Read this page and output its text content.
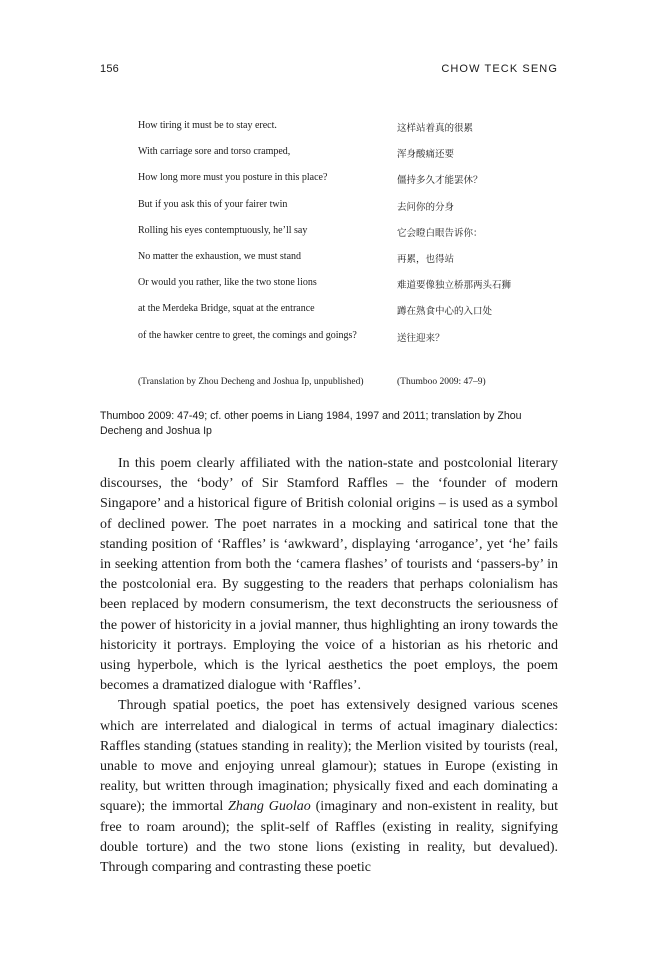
156	CHOW TECK SENG
How tiring it must be to stay erect.	这样站着真的很累
With carriage sore and torso cramped,	浑身酸痛还要
How long more must you posture in this place?	僵持多久才能罢休？
But if you ask this of your fairer twin	去问你的分身
Rolling his eyes contemptuously, he’ll say	它会瞪白眼告诉你：
No matter the exhaustion, we must stand	再累，也得站
Or would you rather, like the two stone lions	难道要像独立桥那两头石狮
at the Merdeka Bridge, squat at the entrance	蹲在熟食中心的入口处
of the hawker centre to greet, the comings and goings?	送往迎来？
(Translation by Zhou Decheng and Joshua Ip, unpublished)	(Thumboo 2009: 47–9)
Thumboo 2009: 47-49; cf. other poems in Liang 1984, 1997 and 2011; translation by Zhou Decheng and Joshua Ip

In this poem clearly affiliated with the nation-state and postcolonial literary discourses, the ‘body’ of Sir Stamford Raffles – the ‘founder of modern Singapore’ and a historical figure of British colonial origins – is used as a symbol of declined power. The poet narrates in a mocking and satirical tone that the standing position of ‘Raffles’ is ‘awkward’, displaying ‘arrogance’, yet ‘he’ fails in seeking attention from both the ‘camera flashes’ of tourists and ‘passers-by’ in the postcolonial era. By suggesting to the readers that perhaps colonialism has been replaced by modern consumerism, the text deconstructs the seriousness of the power of historicity in a jovial manner, thus highlighting an irony towards the historicity it portrays. Employing the voice of a historian as his rhetoric and using hyperbole, which is the lyrical aesthetics the poet employs, the poem becomes a dramatized dialogue with ‘Raffles’.

Through spatial poetics, the poet has extensively designed various scenes which are interrelated and dialogical in terms of actual imaginary dialectics: Raffles standing (statues standing in reality); the Merlion visited by tourists (real, unable to move and enjoying unreal glamour); statues in Europe (existing in reality, but written through imagination; physically fixed and each dominating a square); the immortal Zhang Guolao (imaginary and non-existent in reality, but free to roam around); the split-self of Raffles (existing in reality, signifying double torture) and the two stone lions (existing in reality, but devalued). Through comparing and contrasting these poetic
